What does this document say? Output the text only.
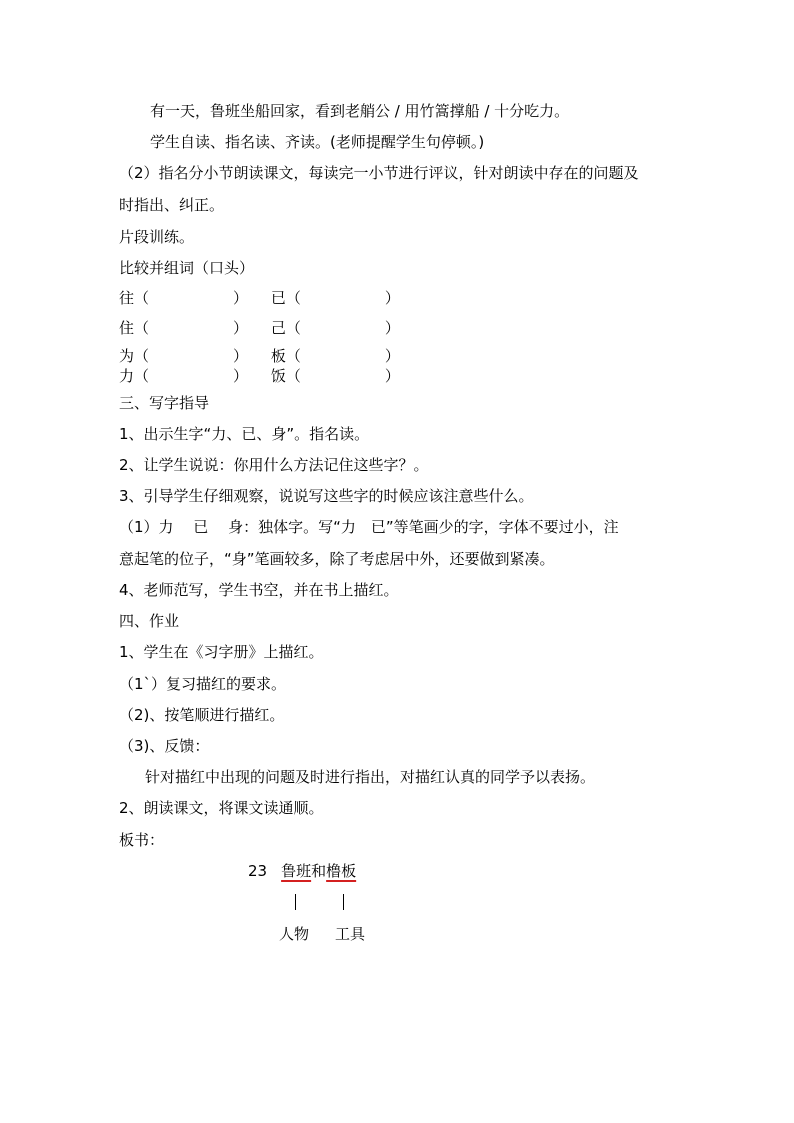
有一天，鲁班坐船回家，看到老艄公 / 用竹篙撑船 / 十分吃力。
学生自读、指名读、齐读。(老师提醒学生句停顿。)
（2）指名分小节朗读课文，每读完一小节进行评议，针对朗读中存在的问题及
时指出、纠正。
片段训练。
比较并组词（口头）
往（	） 已（	）
住（	） 己（	）
为（	） 板（	）
力（	） 饭（	）
三、写字指导
1、出示生字“力、已、身”。指名读。
2、让学生说说：你用什么方法记住这些字？。
3、引导学生仔细观察，说说写这些字的时候应该注意些什么。
（1）力　 已　 身：独体字。写“力　已”等笔画少的字，字体不要过小，注
意起笔的位子，“身”笔画较多，除了考虑居中外，还要做到紧凑。
4、老师范写，学生书空，并在书上描红。
四、作业
1、学生在《习字册》上描红。
（1`）复习描红的要求。
（2)、按笔顺进行描红。
（3)、反馈：
针对描红中出现的问题及时进行指出，对描红认真的同学予以表扬。
2、朗读课文，将课文读通顺。
板书：
23 鲁班和橹板
人物 工具
